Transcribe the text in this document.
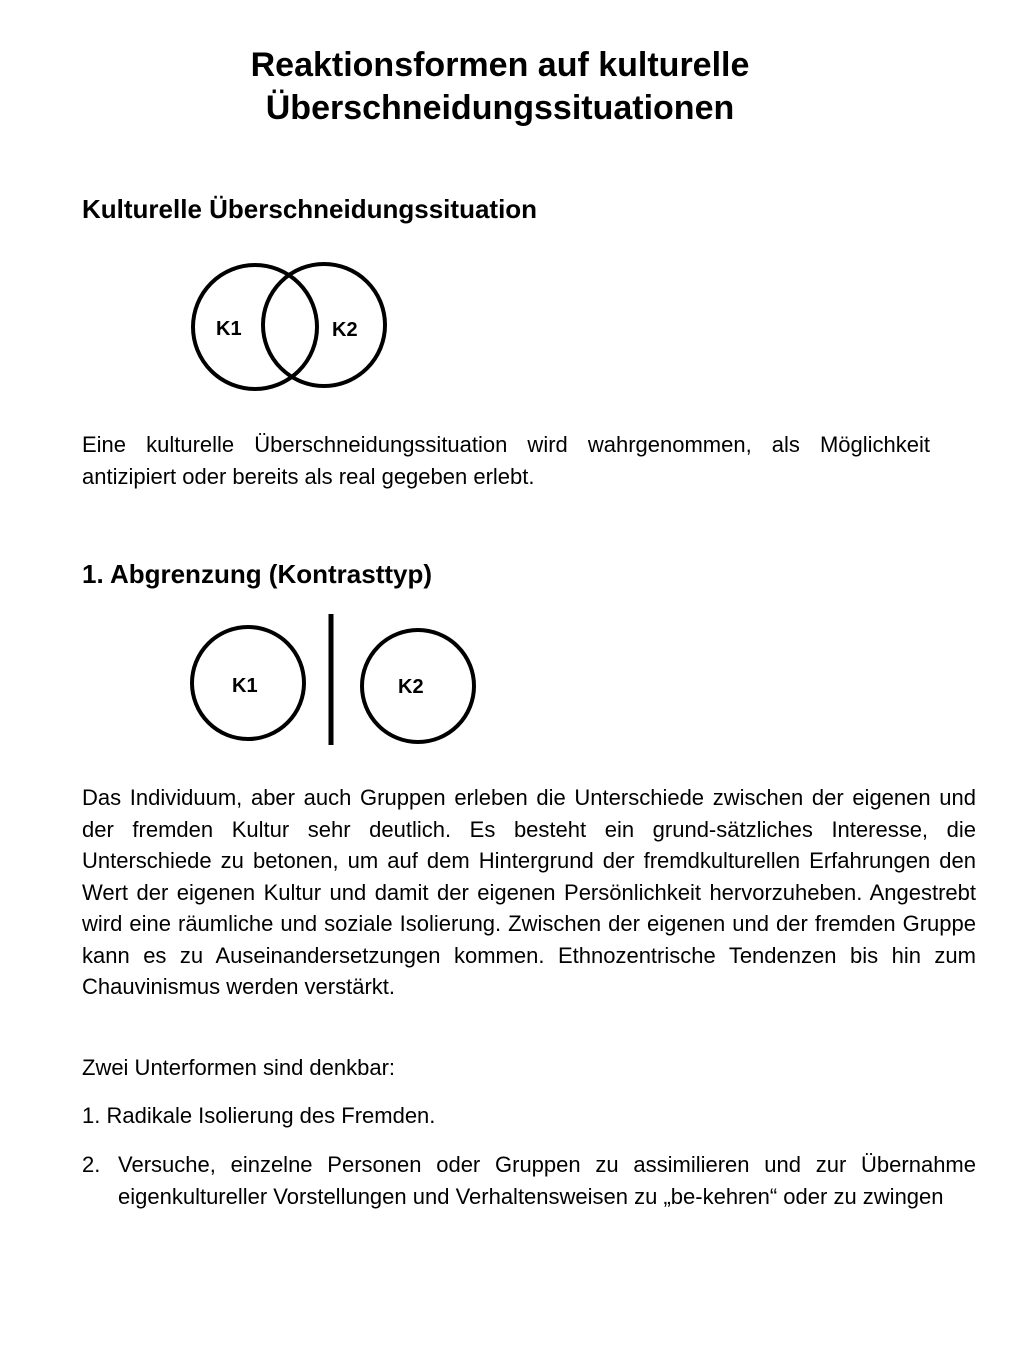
Reaktionsformen auf kulturelle
Überschneidungssituationen
Kulturelle Überschneidungssituation
K1	K2
Eine kulturelle Überschneidungssituation wird wahrgenommen, als Möglichkeit antizipiert oder bereits als real gegeben erlebt.
1. Abgrenzung (Kontrasttyp)
K1	K2
Das Individuum, aber auch Gruppen erleben die Unterschiede zwischen der eigenen und der fremden Kultur sehr deutlich. Es besteht ein grund-sätzliches Interesse, die Unterschiede zu betonen, um auf dem Hintergrund der fremdkulturellen Erfahrungen den Wert der eigenen Kultur und damit der eigenen Persönlichkeit hervorzuheben. Angestrebt wird eine räumliche und soziale Isolierung. Zwischen der eigenen und der fremden Gruppe kann es zu Auseinandersetzungen kommen. Ethnozentrische Tendenzen bis hin zum Chauvinismus werden verstärkt.
Zwei Unterformen sind denkbar:
1. Radikale Isolierung des Fremden.
2. Versuche, einzelne Personen oder Gruppen zu assimilieren und zur Übernahme eigenkultureller Vorstellungen und Verhaltensweisen zu „be-kehren“ oder zu zwingen
